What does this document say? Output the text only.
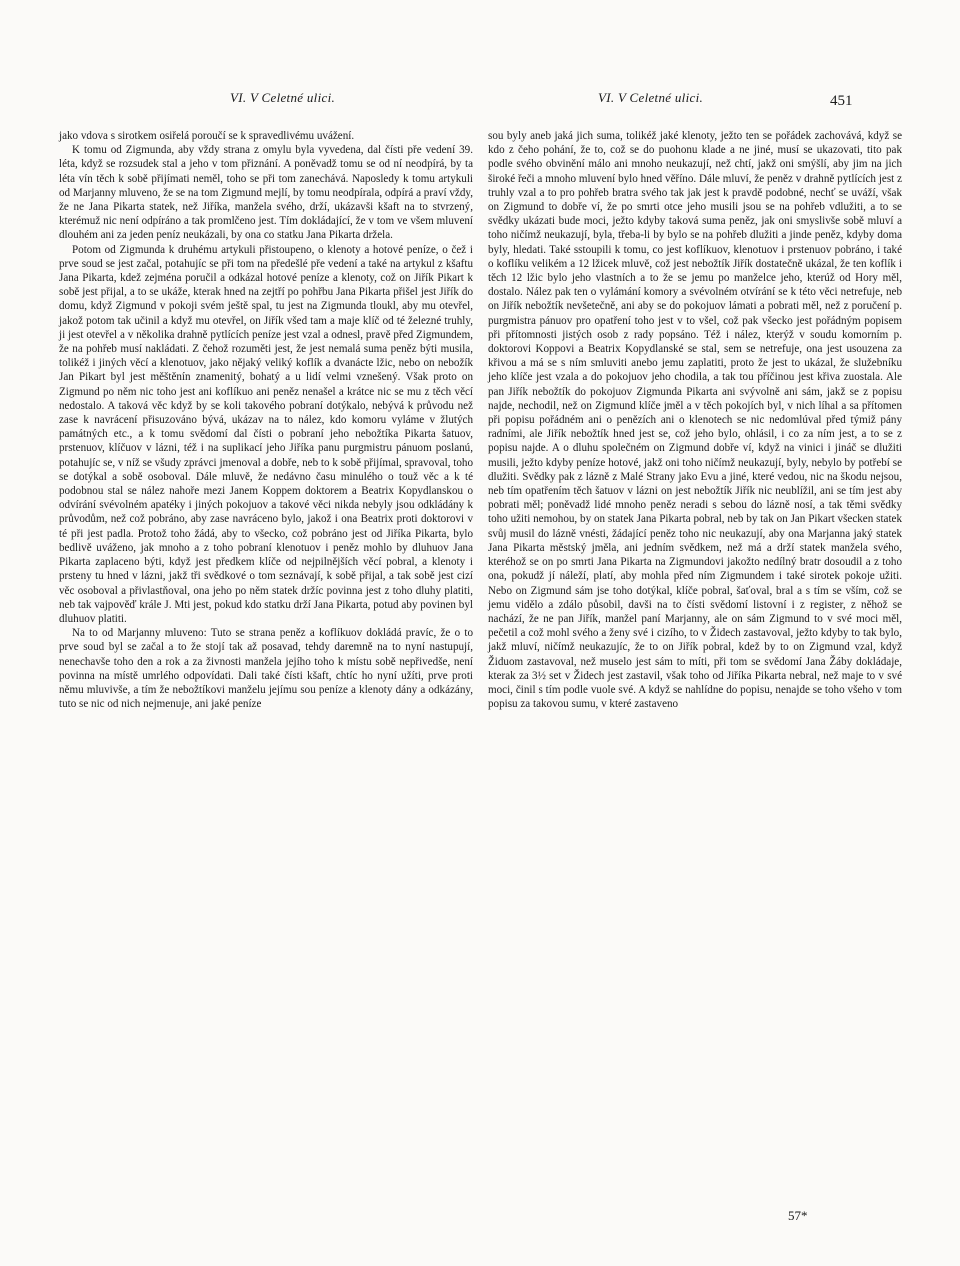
VI. V Celetné ulici.	VI. V Celetné ulici.	451

jako vdova s sirotkem osiřelá poroučí se k spravedlivému uvážení.

K tomu od Zigmunda, aby vždy strana z omylu byla vyvedena, dal čísti pře vedení 39. léta, když se rozsudek stal a jeho v tom přiznání. A poněvadž tomu se od ní neodpírá, by ta léta vín těch k sobě přijímati neměl, toho se při tom zanechává. Naposledy k tomu artykuli od Marjanny mluveno, že se na tom Zigmund mejlí, by tomu neodpírala, odpírá a praví vždy, že ne Jana Pikarta statek, než Jiříka, manžela svého, drží, ukázavši kšaft na to stvrzený, kterémuž nic není odpíráno a tak promlčeno jest. Tím dokládající, že v tom ve všem mluvení dlouhém ani za jeden peníz neukázali, by ona co statku Jana Pikarta držela.

Potom od Zigmunda k druhému artykuli přistoupeno, o klenoty a hotové peníze, o čež i prve soud se jest začal, potahujíc se při tom na předešlé pře vedení a také na artykul z kšaftu Jana Pikarta, kdež zejména poručil a odkázal hotové peníze a klenoty, což on Jiřík Pikart k sobě jest přijal, a to se ukáže, kterak hned na zejtří po pohřbu Jana Pikarta přišel jest Jiřík do domu, když Zigmund v pokoji svém ještě spal, tu jest na Zigmunda tloukl, aby mu otevřel, jakož potom tak učinil a když mu otevřel, on Jiřík všed tam a maje klíč od té železné truhly, ji jest otevřel a v několika drahně pytlících peníze jest vzal a odnesl, pravě před Zigmundem, že na pohřeb musí nakládati. Z čehož rozuměti jest, že jest nemalá suma peněz býti musila, tolikéž i jiných věcí a klenotuov, jako nějaký veliký koflík a dvanácte lžic, nebo on nebožík Jan Pikart byl jest měštěnín znamenitý, bohatý a u lidí velmi vznešený. Však proto on Zigmund po něm nic toho jest ani koflíkuo ani peněz nenašel a krátce nic se mu z těch věcí nedostalo. A taková věc když by se koli takového pobraní dotýkalo, nebývá k průvodu než zase k navrácení přisuzováno bývá, ukázav na to nález, kdo komoru vyláme v žlutých památných etc., a k tomu svědomí dal čísti o pobraní jeho nebožtíka Pikarta šatuov, prstenuov, klíčuov v lázni, též i na suplikací jeho Jiříka panu purgmistru pánuom poslanú, potahujíc se, v níž se všudy zprávci jmenoval a dobře, neb to k sobě přijímal, spravoval, toho se dotýkal a sobě osoboval. Dále mluvě, že nedávno času minulého o touž věc a k té podobnou stal se nález nahoře mezi Janem Koppem doktorem a Beatrix Kopydlanskou o odvírání svévolném apatéky i jiných pokojuov a takové věci nikda nebyly jsou odkládány k průvodům, než což pobráno, aby zase navráceno bylo, jakož i ona Beatrix proti doktorovi v té při jest padla. Protož toho žádá, aby to všecko, což pobráno jest od Jiříka Pikarta, bylo bedlivě uváženo, jak mnoho a z toho pobraní klenotuov i peněz mohlo by dluhuov Jana Pikarta zaplaceno býti, když jest předkem klíče od nejpilnějších věcí pobral, a klenoty i prsteny tu hned v lázni, jakž tři svědkové o tom seznávají, k sobě přijal, a tak sobě jest cizí věc osoboval a přivlastňoval, ona jeho po něm statek držíc povinna jest z toho dluhy platiti, neb tak vajpověď krále J. Mti jest, pokud kdo statku drží Jana Pikarta, potud aby povinen byl dluhuov platiti.

Na to od Marjanny mluveno: Tuto se strana peněz a koflíkuov dokládá pravíc, že o to prve soud byl se začal a to že stojí tak až posavad, tehdy daremně na to nyní nastupují, nenechavše toho den a rok a za živnosti manžela jejího toho k místu sobě nepřivedše, není povinna na místě umrlého odpovídati. Dali také čísti kšaft, chtíc ho nyní užíti, prve proti němu mluvivše, a tím že nebožtíkovi manželu jejímu sou peníze a klenoty dány a odkázány, tuto se nic od nich nejmenuje, ani jaké peníze

sou byly aneb jaká jich suma, tolikéž jaké klenoty, ježto ten se pořádek zachovává, když se kdo z čeho pohání, že to, což se do puohonu klade a ne jiné, musí se ukazovati, tito pak podle svého obvinění málo ani mnoho neukazují, než chtí, jakž oni smýšlí, aby jim na jich široké řeči a mnoho mluvení bylo hned věříno. Dále mluví, že peněz v drahně pytlících jest z truhly vzal a to pro pohřeb bratra svého tak jak jest k pravdě podobné, nechť se uváží, však on Zigmund to dobře ví, že po smrti otce jeho musili jsou se na pohřeb vdlužiti, a to se svědky ukázati bude moci, ježto kdyby taková suma peněz, jak oni smyslivše sobě mluví a toho ničímž neukazují, byla, třeba-li by bylo se na pohřeb dlužiti a jinde peněz, kdyby doma byly, hledati. Také sstoupili k tomu, co jest koflíkuov, klenotuov i prstenuov pobráno, i také o koflíku velikém a 12 lžicek mluvě, což jest nebožtík Jiřík dostatečně ukázal, že ten koflík i těch 12 lžic bylo jeho vlastních a to že se jemu po manželce jeho, kterúž od Hory měl, dostalo. Nález pak ten o vylámání komory a svévolném otvírání se k této věci netrefuje, neb on Jiřík nebožtík nevšetečně, ani aby se do pokojuov lámati a pobrati měl, než z poručení p. purgmistra pánuov pro opatření toho jest v to všel, což pak všecko jest pořádným popisem při přítomnosti jistých osob z rady popsáno. Též i nález, kterýž v soudu komorním p. doktorovi Koppovi a Beatrix Kopydlanské se stal, sem se netrefuje, ona jest usouzena za křivou a má se s ním smluviti anebo jemu zaplatiti, proto že jest to ukázal, že služebníku jeho klíče jest vzala a do pokojuov jeho chodila, a tak tou příčinou jest křiva zuostala. Ale pan Jiřík nebožtík do pokojuov Zigmunda Pikarta ani svývolně ani sám, jakž se z popisu najde, nechodil, než on Zigmund klíče jměl a v těch pokojích byl, v nich líhal a sa přítomen při popisu pořádném ani o penězích ani o klenotech se nic nedomlúval před týmiž pány radními, ale Jiřík nebožtík hned jest se, což jeho bylo, ohlásil, i co za ním jest, a to se z popisu najde. A o dluhu společném on Zigmund dobře ví, když na vinici i jináč se dlužiti musili, ježto kdyby peníze hotové, jakž oni toho ničímž neukazují, byly, nebylo by potřebí se dlužiti. Svědky pak z lázně z Malé Strany jako Evu a jiné, které vedou, nic na škodu nejsou, neb tím opatřením těch šatuov v lázni on jest nebožtík Jiřík nic neublížil, ani se tím jest aby pobrati měl; poněvadž lidé mnoho peněz neradi s sebou do lázně nosí, a tak těmi svědky toho užiti nemohou, by on statek Jana Pikarta pobral, neb by tak on Jan Pikart všecken statek svůj musil do lázně vnésti, žádající peněz toho nic neukazují, aby ona Marjanna jaký statek Jana Pikarta městský jměla, ani jedním svědkem, než má a drží statek manžela svého, kteréhož se on po smrti Jana Pikarta na Zigmundovi jakožto nedílný bratr dosoudil a z toho ona, pokudž jí náleží, platí, aby mohla před ním Zigmundem i také sirotek pokoje užiti. Nebo on Zigmund sám jse toho dotýkal, klíče pobral, šaťoval, bral a s tím se vším, což se jemu vidělo a zdálo působil, davši na to čísti svědomí listovní i z register, z něhož se nachází, že ne pan Jiřík, manžel paní Marjanny, ale on sám Zigmund to v své moci měl, pečetil a což mohl svého a ženy své i cizího, to v Židech zastavoval, ježto kdyby to tak bylo, jakž mluví, ničímž neukazujíc, že to on Jiřík pobral, kdež by to on Zigmund vzal, když Židuom zastavoval, než muselo jest sám to míti, při tom se svědomí Jana Žáby dokládaje, kterak za 3½ set v Židech jest zastavil, však toho od Jiříka Pikarta nebral, než maje to v své moci, činil s tím podle vuole své. A když se nahlídne do popisu, nenajde se toho všeho v tom popisu za takovou sumu, v které zastaveno

57*
